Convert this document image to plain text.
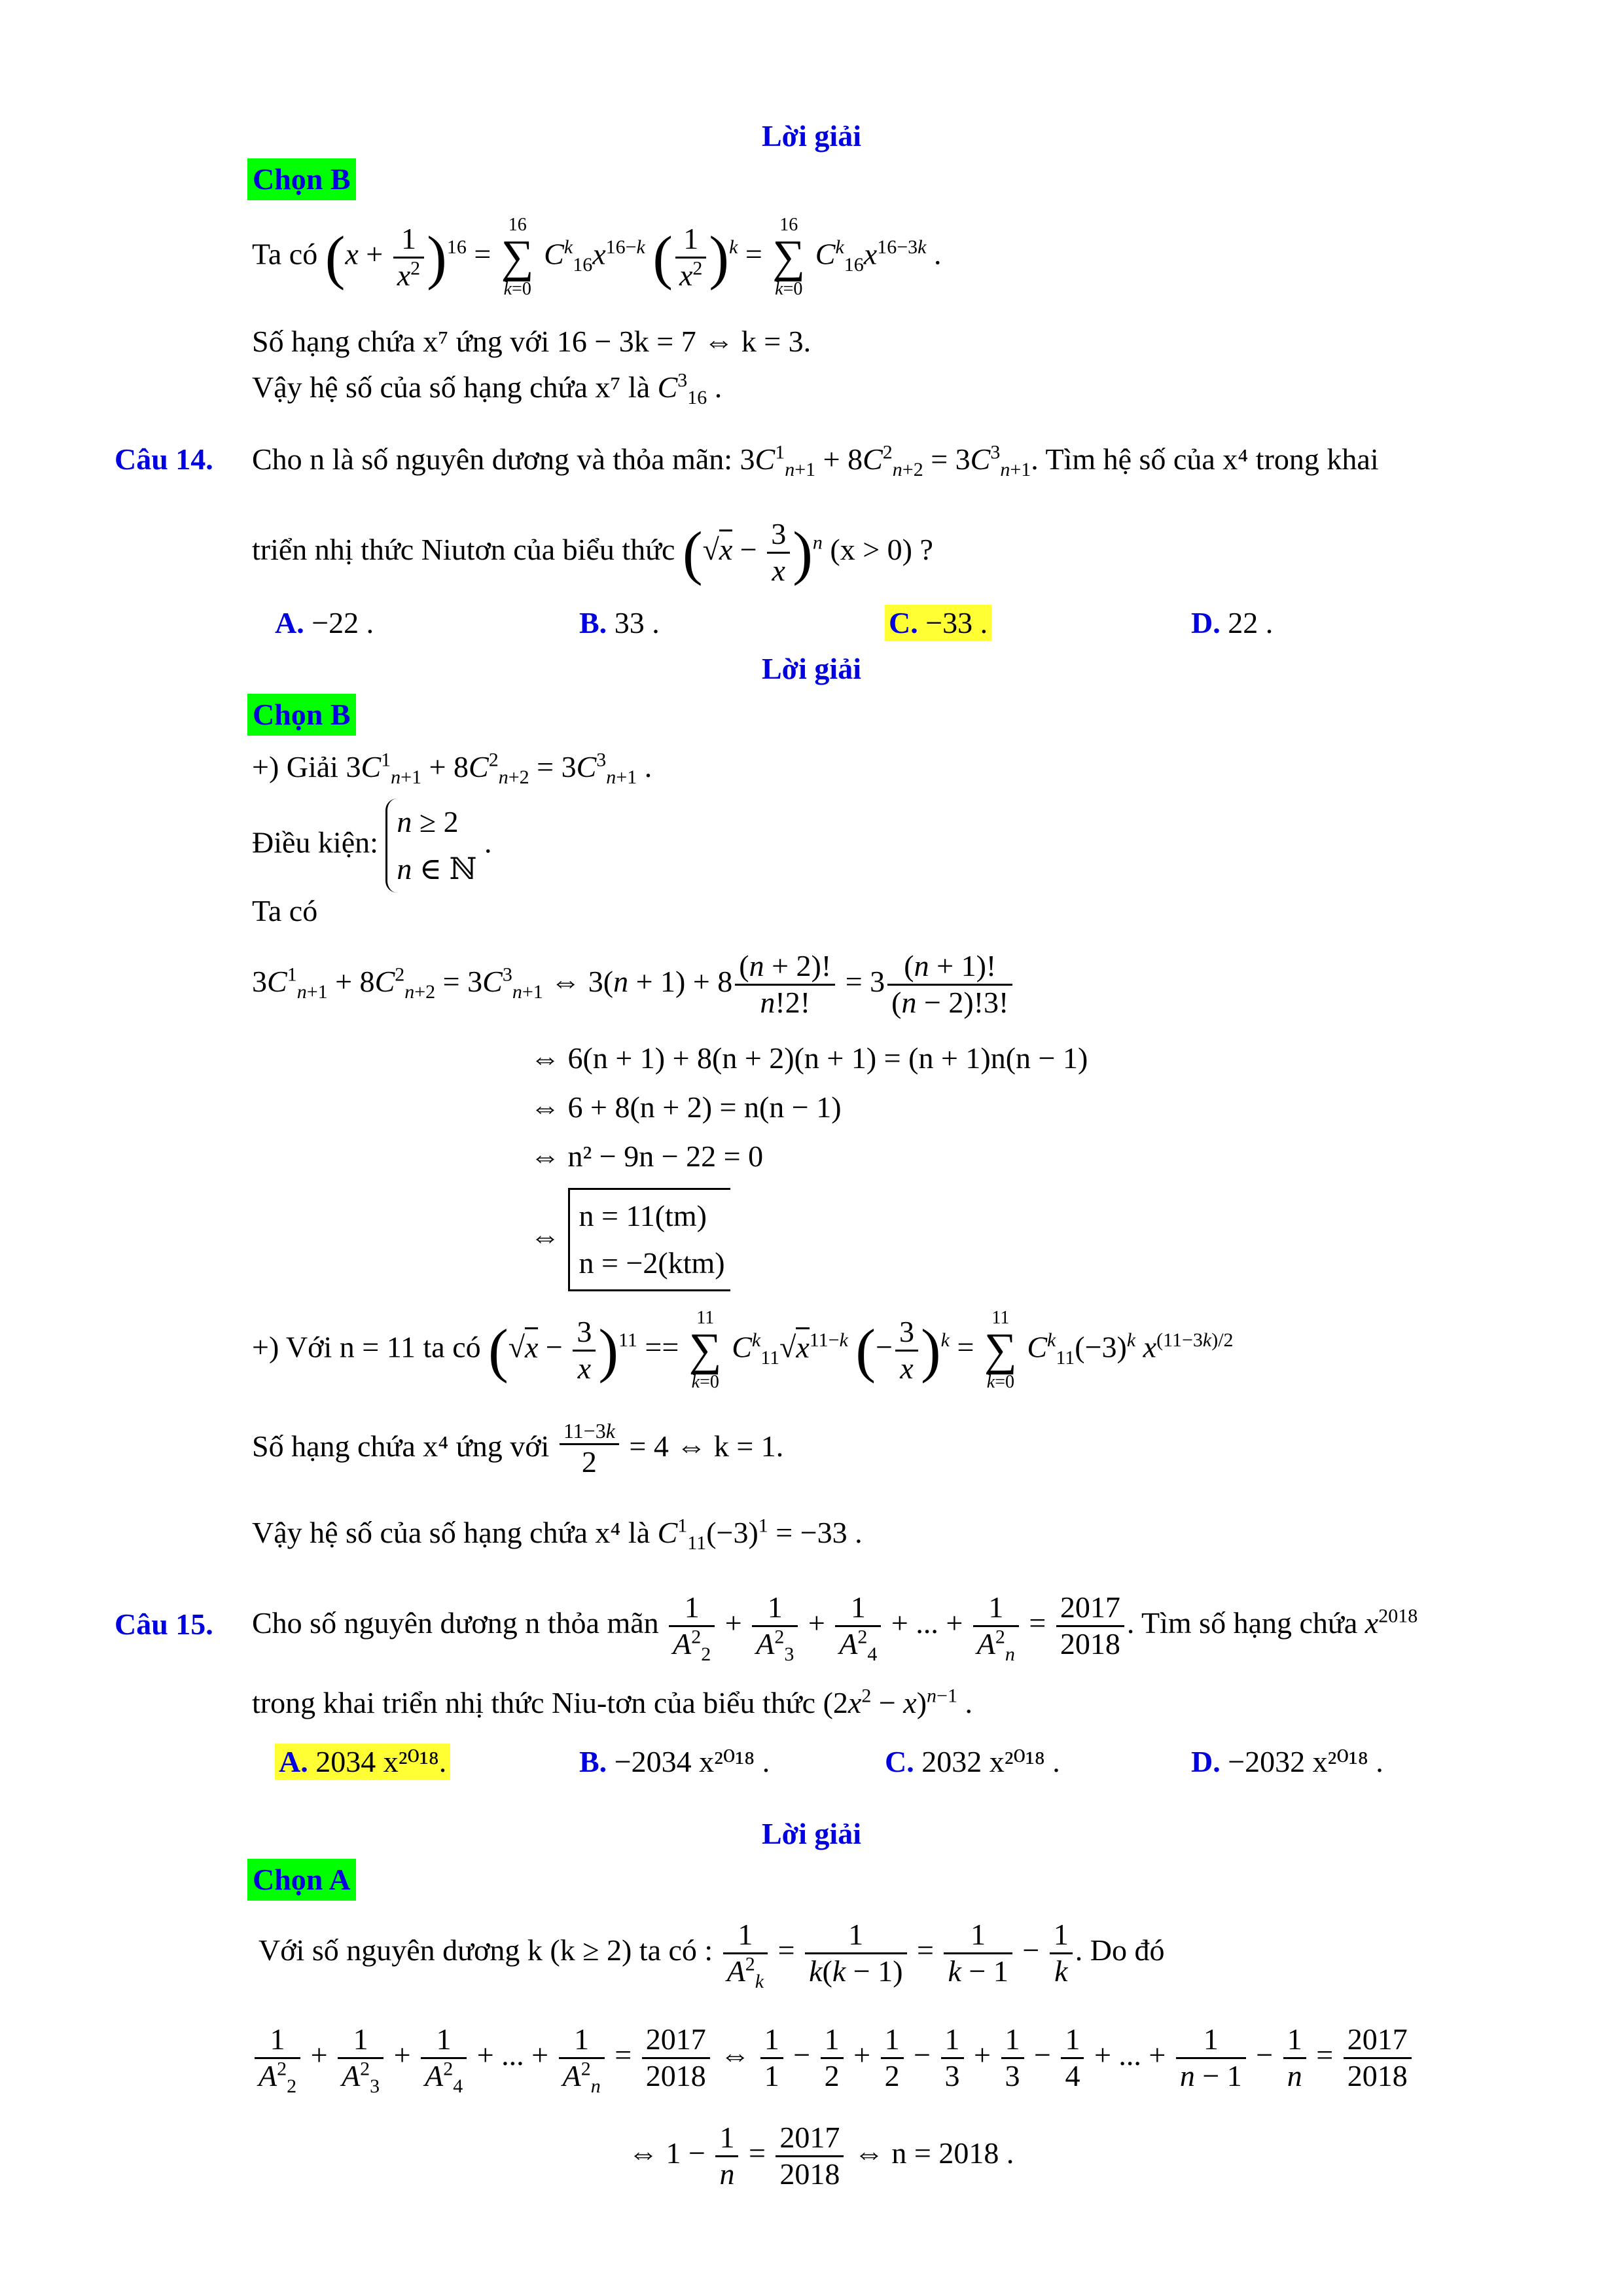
Lời giải
Chọn B
Ta có $(x + \frac{1}{x^2} )^{16}$ =
16
∑
k=0
$C^k_{16}x^{16-k}$ ( $\frac{1}{x^2} )^k$ =
16
∑
k=0
$C^k_{16}x^{16-3k}$ .
Số hạng chứa x⁷ ứng với 16 − 3k = 7 ⇔ k = 3.
Vậy hệ số của số hạng chứa x⁷ là $C^3_{16}$ .
Câu 14. Cho n là số nguyên dương và thỏa mãn: $3C^1_{n+1} + 8C^2_{n+2} = 3C^3_{n+1}$. Tìm hệ số của x⁴ trong khai
triển nhị thức Niutơn của biểu thức $(√x - \frac{3}{x} )^n$ (x > 0) ?
A. −22 .	B. 33 .	C. −33 .	D. 22 .
Lời giải
Chọn B
+) Giải $3C^1_{n+1} + 8C^2_{n+2} = 3C^3_{n+1}$ .
Điều kiện: n ≥ 2
n ∈ ℕ .
Ta có
$3C^1_{n+1} + 8C^2_{n+2} = 3C^3_{n+1}$ ⇔ $3(n + 1) + 8 \frac{(n + 2)!}{n!2!} = 3 \frac{(n + 1)!}{(n - 2)!3!}$
⇔ 6(n + 1) + 8(n + 2)(n + 1) = (n + 1)n(n − 1)
⇔ 6 + 8(n + 2) = n(n − 1)
⇔ n² − 9n − 22 = 0
⇔ n = 11(tm)
n = −2(ktm)
+) Với n = 11 ta có $(√x - \frac{3}{x} )^{11}$ ==
11
∑
k=0
$C^k_{11}√x^{11-k}$ (− $\frac{3}{x} )^k$ =
11
∑
k=0
$C^k_{11}(-3)^k$ $x^{(11-3k)/2}$
Số hạng chứa x⁴ ứng với $\frac{11-3k}{2} = 4$ ⇔ k = 1.
Vậy hệ số của số hạng chứa x⁴ là $C^1_{11}(-3)^1 = -33$ .
Câu 15. Cho số nguyên dương n thỏa mãn $\frac{1}{A^2_2} + \frac{1}{A^2_3} + \frac{1}{A^2_4}$ + ... + $\frac{1}{A^2_n} = \frac{2017}{2018}$ . Tìm số hạng chứa $x^{2018}$
trong khai triển nhị thức Niu-tơn của biểu thức $(2x^2 - x)^{n-1}$ .
A. 2034 x²⁰¹⁸.	B. −2034 x²⁰¹⁸ .	C. 2032 x²⁰¹⁸ .	D. −2032 x²⁰¹⁸ .
Lời giải
Chọn A
Với số nguyên dương k (k ≥ 2) ta có : $\frac{1}{A^2_k} = \frac{1}{k(k - 1)} = \frac{1}{k - 1} - \frac{1}{k}$ . Do đó
$\frac{1}{A^2_2} + \frac{1}{A^2_3} + \frac{1}{A^2_4}$ + ... + $\frac{1}{A^2_n} = \frac{2017}{2018}$ ⇔ $\frac{1}{1} - \frac{1}{2} + \frac{1}{2} - \frac{1}{3} + \frac{1}{3} - \frac{1}{4}$ + ... + $\frac{1}{n - 1} - \frac{1}{n} = \frac{2017}{2018}$
⇔ $1 - \frac{1}{n} = \frac{2017}{2018}$ ⇔ n = 2018 .
